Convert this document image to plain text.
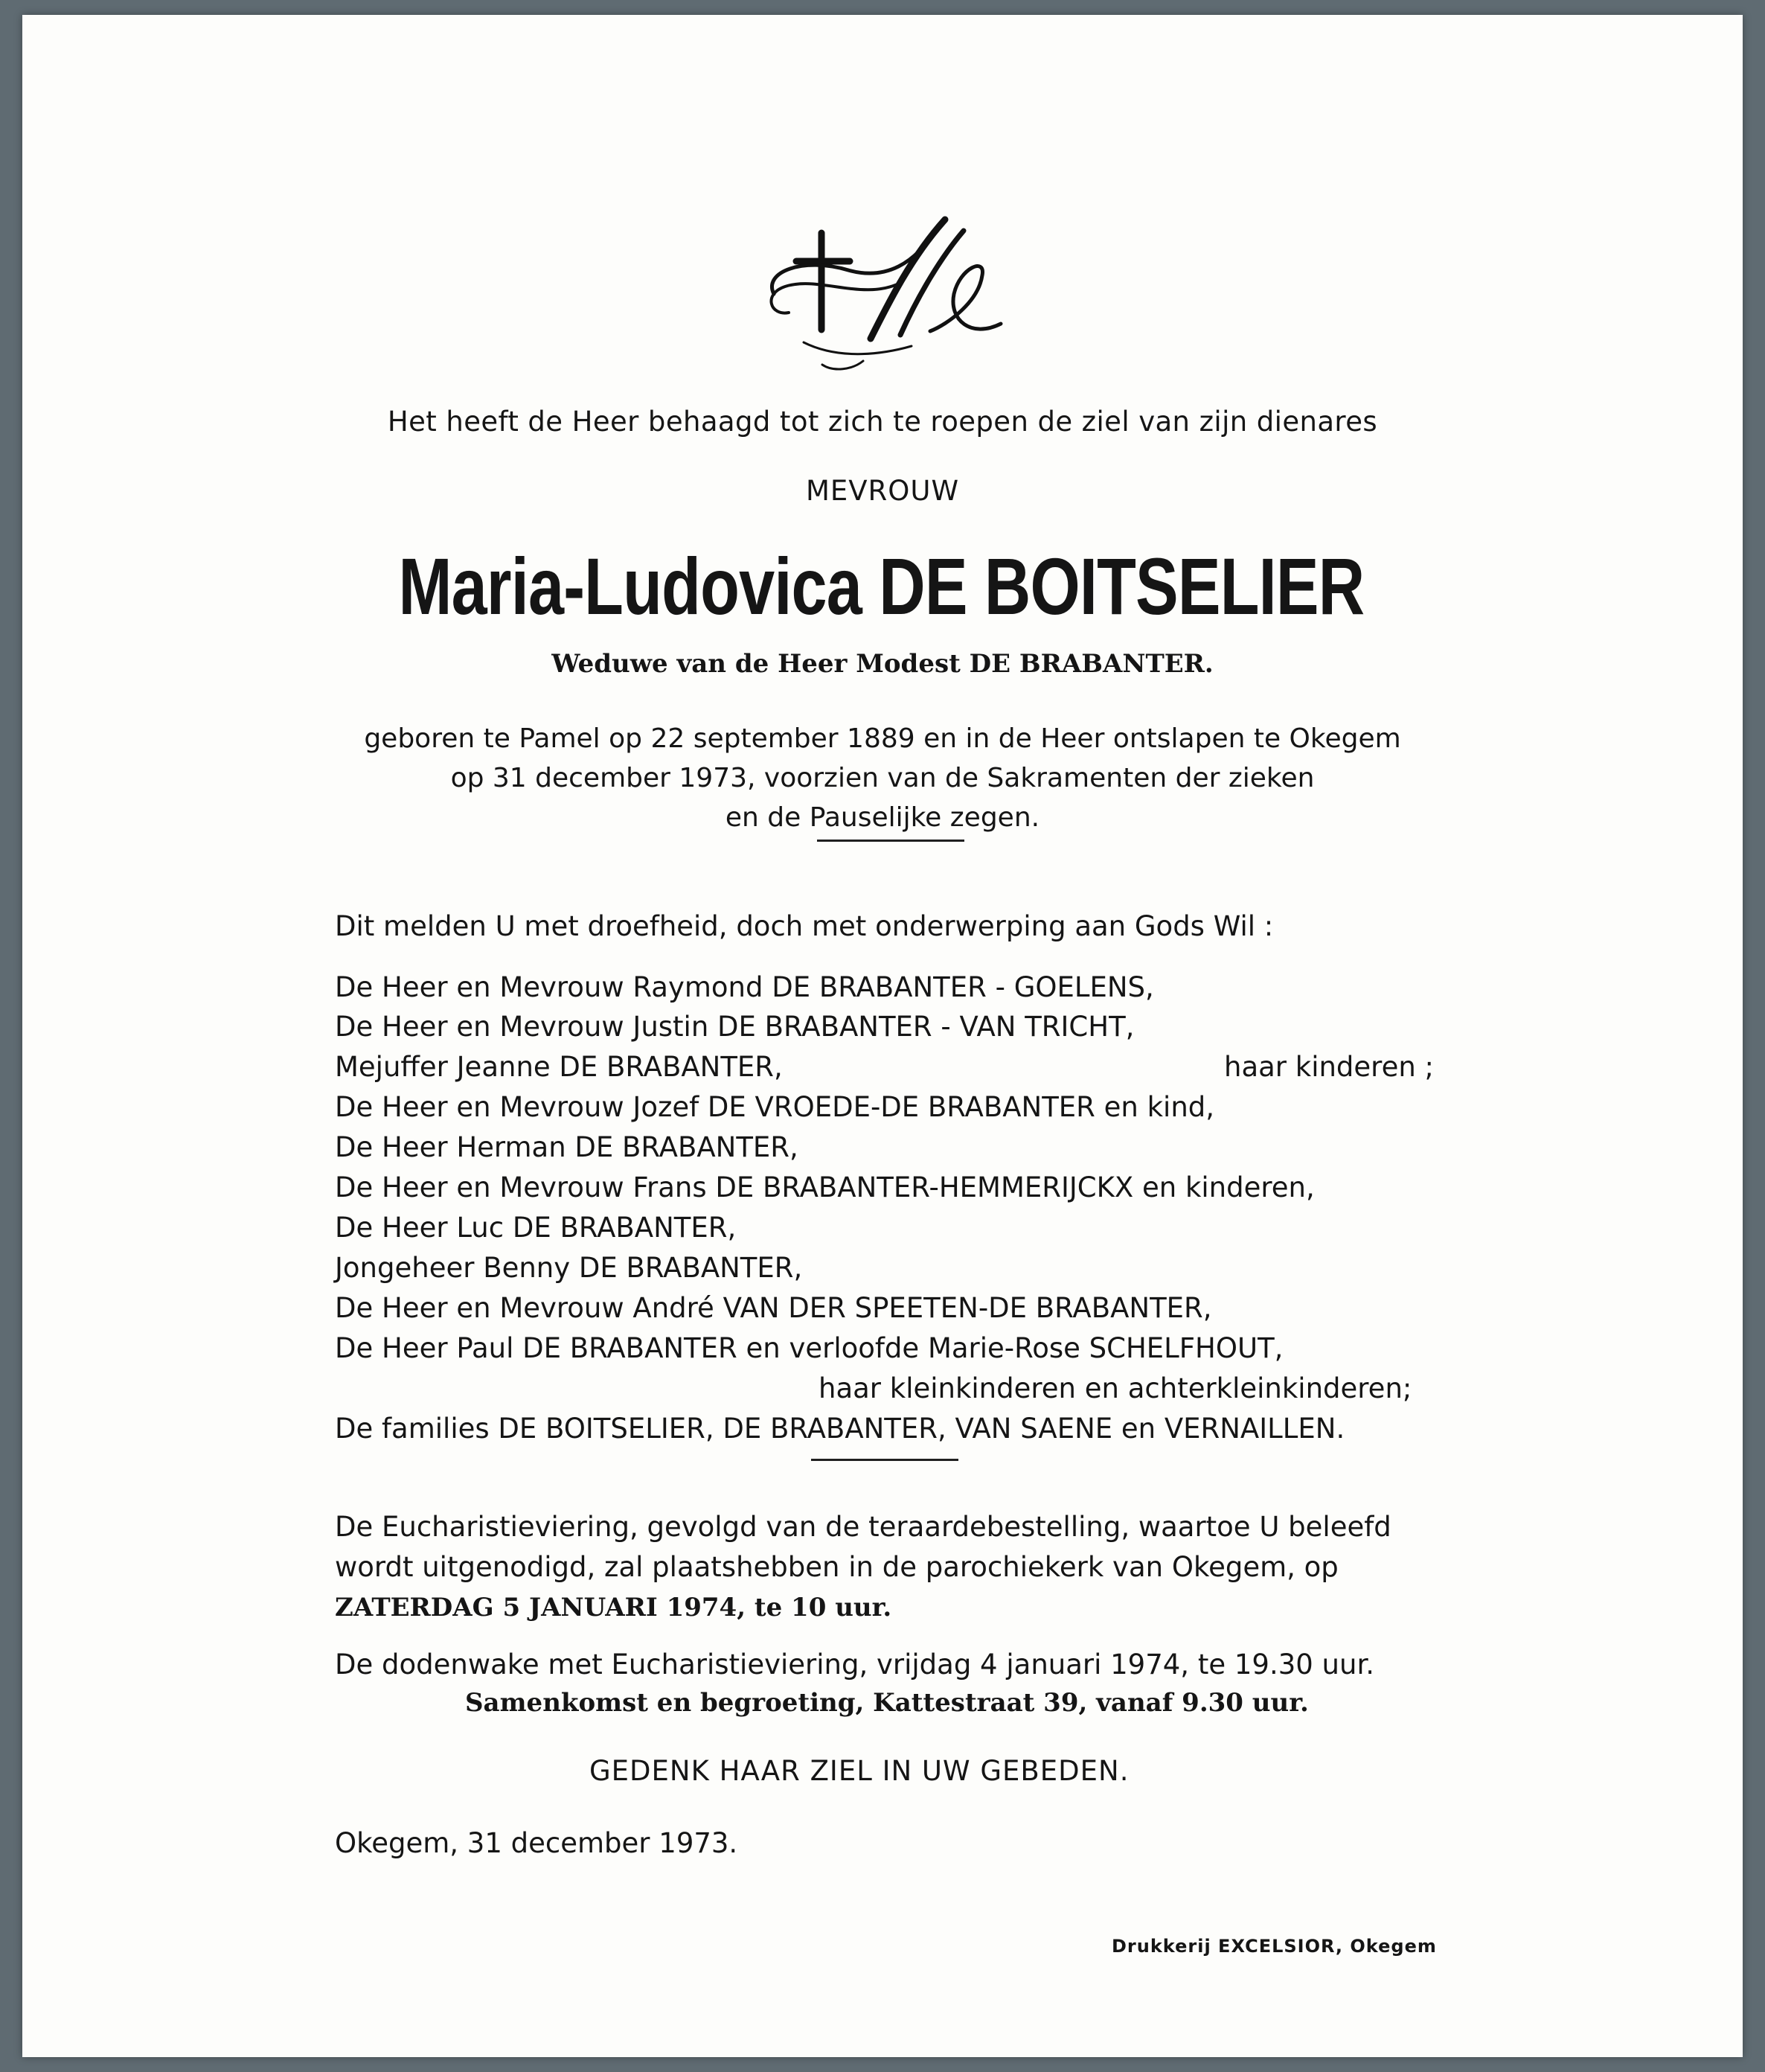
Het heeft de Heer behaagd tot zich te roepen de ziel van zijn dienares
MEVROUW
Maria-Ludovica DE BOITSELIER
Weduwe van de Heer Modest DE BRABANTER.
geboren te Pamel op 22 september 1889 en in de Heer ontslapen te Okegem
op 31 december 1973, voorzien van de Sakramenten der zieken
en de Pauselijke zegen.
Dit melden U met droefheid, doch met onderwerping aan Gods Wil :
De Heer en Mevrouw Raymond DE BRABANTER - GOELENS,
De Heer en Mevrouw Justin DE BRABANTER - VAN TRICHT,
Mejuffer Jeanne DE BRABANTER,	haar kinderen ;
De Heer en Mevrouw Jozef DE VROEDE-DE BRABANTER en kind,
De Heer Herman DE BRABANTER,
De Heer en Mevrouw Frans DE BRABANTER-HEMMERIJCKX en kinderen,
De Heer Luc DE BRABANTER,
Jongeheer Benny DE BRABANTER,
De Heer en Mevrouw André VAN DER SPEETEN-DE BRABANTER,
De Heer Paul DE BRABANTER en verloofde Marie-Rose SCHELFHOUT,
haar kleinkinderen en achterkleinkinderen;
De families DE BOITSELIER, DE BRABANTER, VAN SAENE en VERNAILLEN.
De Eucharistieviering, gevolgd van de teraardebestelling, waartoe U beleefd
wordt uitgenodigd, zal plaatshebben in de parochiekerk van Okegem, op
ZATERDAG 5 JANUARI 1974, te 10 uur.
De dodenwake met Eucharistieviering, vrijdag 4 januari 1974, te 19.30 uur.
Samenkomst en begroeting, Kattestraat 39, vanaf 9.30 uur.
GEDENK HAAR ZIEL IN UW GEBEDEN.
Okegem, 31 december 1973.
Drukkerij EXCELSIOR, Okegem
